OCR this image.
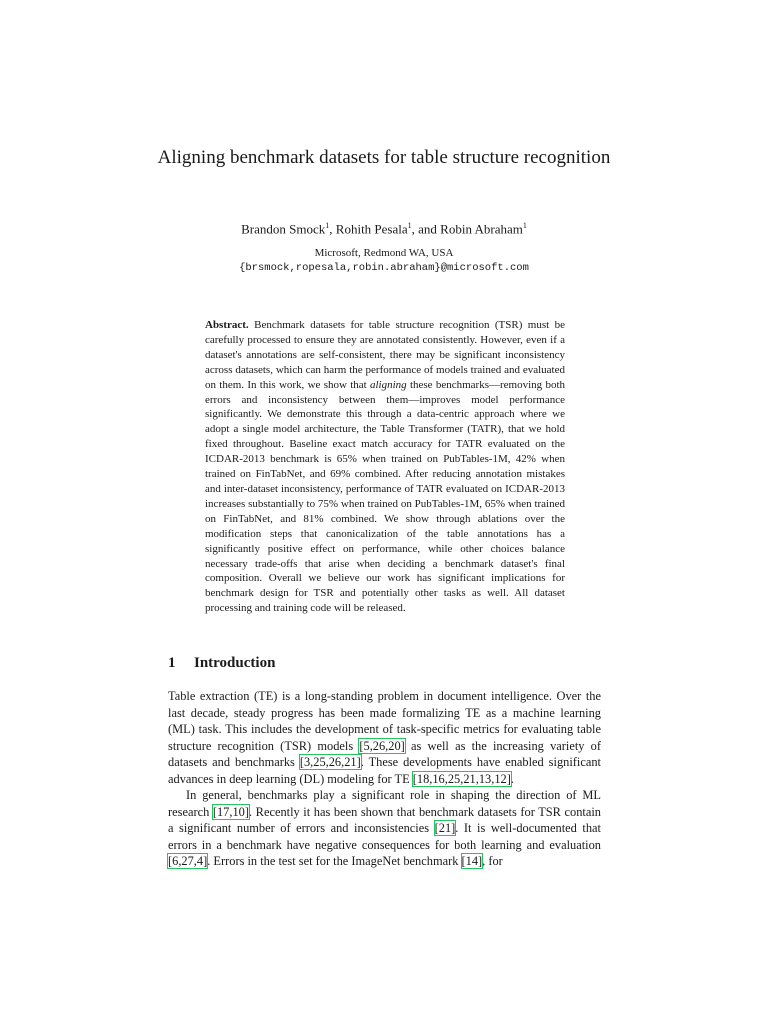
Aligning benchmark datasets for table structure recognition
Brandon Smock$^1$, Rohith Pesala$^1$, and Robin Abraham$^1$
Microsoft, Redmond WA, USA
{brsmock,ropesala,robin.abraham}@microsoft.com

Abstract. Benchmark datasets for table structure recognition (TSR) must be carefully processed to ensure they are annotated consistently. However, even if a dataset's annotations are self-consistent, there may be significant inconsistency across datasets, which can harm the performance of models trained and evaluated on them. In this work, we show that aligning these benchmarks—removing both errors and inconsistency between them—improves model performance significantly. We demonstrate this through a data-centric approach where we adopt a single model architecture, the Table Transformer (TATR), that we hold fixed throughout. Baseline exact match accuracy for TATR evaluated on the ICDAR-2013 benchmark is 65% when trained on PubTables-1M, 42% when trained on FinTabNet, and 69% combined. After reducing annotation mistakes and inter-dataset inconsistency, performance of TATR evaluated on ICDAR-2013 increases substantially to 75% when trained on PubTables-1M, 65% when trained on FinTabNet, and 81% combined. We show through ablations over the modification steps that canonicalization of the table annotations has a significantly positive effect on performance, while other choices balance necessary trade-offs that arise when deciding a benchmark dataset's final composition. Overall we believe our work has significant implications for benchmark design for TSR and potentially other tasks as well. All dataset processing and training code will be released.

1 Introduction

Table extraction (TE) is a long-standing problem in document intelligence. Over the last decade, steady progress has been made formalizing TE as a machine learning (ML) task. This includes the development of task-specific metrics for evaluating table structure recognition (TSR) models [5,26,20] as well as the increasing variety of datasets and benchmarks [3,25,26,21]. These developments have enabled significant advances in deep learning (DL) modeling for TE [18,16,25,21,13,12].

In general, benchmarks play a significant role in shaping the direction of ML research [17,10]. Recently it has been shown that benchmark datasets for TSR contain a significant number of errors and inconsistencies [21]. It is well-documented that errors in a benchmark have negative consequences for both learning and evaluation [6,27,4]. Errors in the test set for the ImageNet benchmark [14], for
